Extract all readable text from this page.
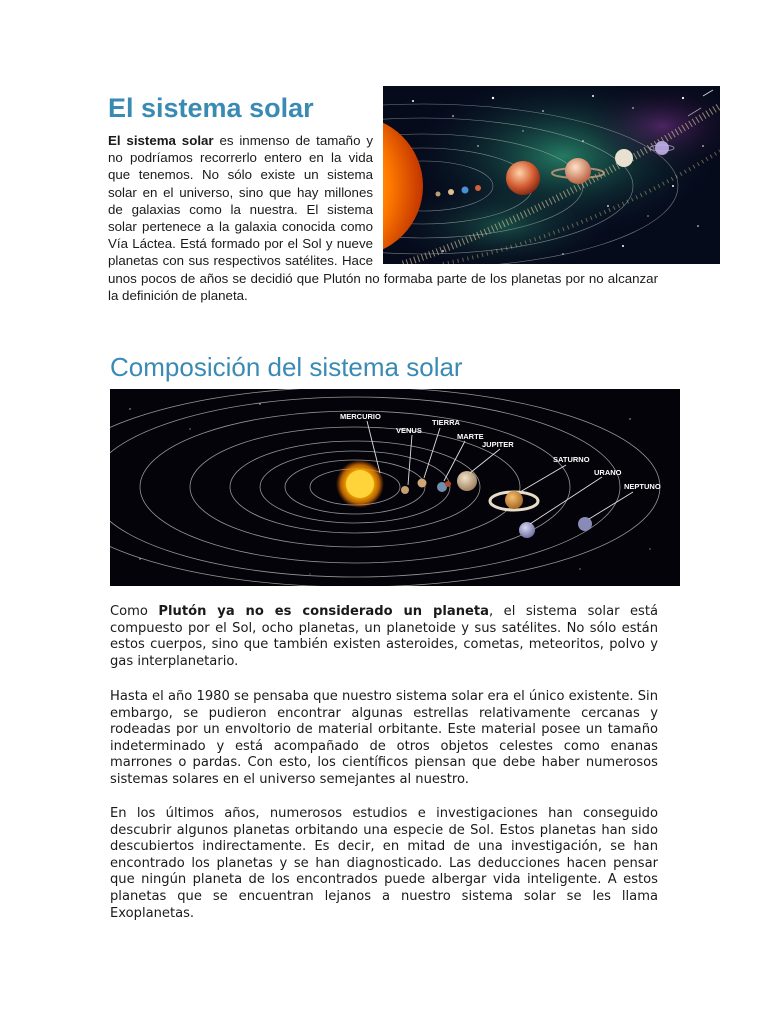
El sistema solar

El sistema solar es inmenso de tamaño y no podríamos recorrerlo entero en la vida que tenemos. No sólo existe un sistema solar en el universo, sino que hay millones de galaxias como la nuestra. El sistema solar pertenece a la galaxia conocida como Vía Láctea. Está formado por el Sol y nueve planetas con sus respectivos satélites. Hace unos pocos de años se decidió que Plutón no formaba parte de los planetas por no alcanzar la definición de planeta.

Composición del sistema solar
MERCURIO
VENUS
TIERRA
MARTE
JUPITER
SATURNO
URANO
NEPTUNO

Como Plutón ya no es considerado un planeta, el sistema solar está compuesto por el Sol, ocho planetas, un planetoide y sus satélites. No sólo están estos cuerpos, sino que también existen asteroides, cometas, meteoritos, polvo y gas interplanetario.

Hasta el año 1980 se pensaba que nuestro sistema solar era el único existente. Sin embargo, se pudieron encontrar algunas estrellas relativamente cercanas y rodeadas por un envoltorio de material orbitante. Este material posee un tamaño indeterminado y está acompañado de otros objetos celestes como enanas marrones o pardas. Con esto, los científicos piensan que debe haber numerosos sistemas solares en el universo semejantes al nuestro.

En los últimos años, numerosos estudios e investigaciones han conseguido descubrir algunos planetas orbitando una especie de Sol. Estos planetas han sido descubiertos indirectamente. Es decir, en mitad de una investigación, se han encontrado los planetas y se han diagnosticado. Las deducciones hacen pensar que ningún planeta de los encontrados puede albergar vida inteligente. A estos planetas que se encuentran lejanos a nuestro sistema solar se les llama Exoplanetas.
